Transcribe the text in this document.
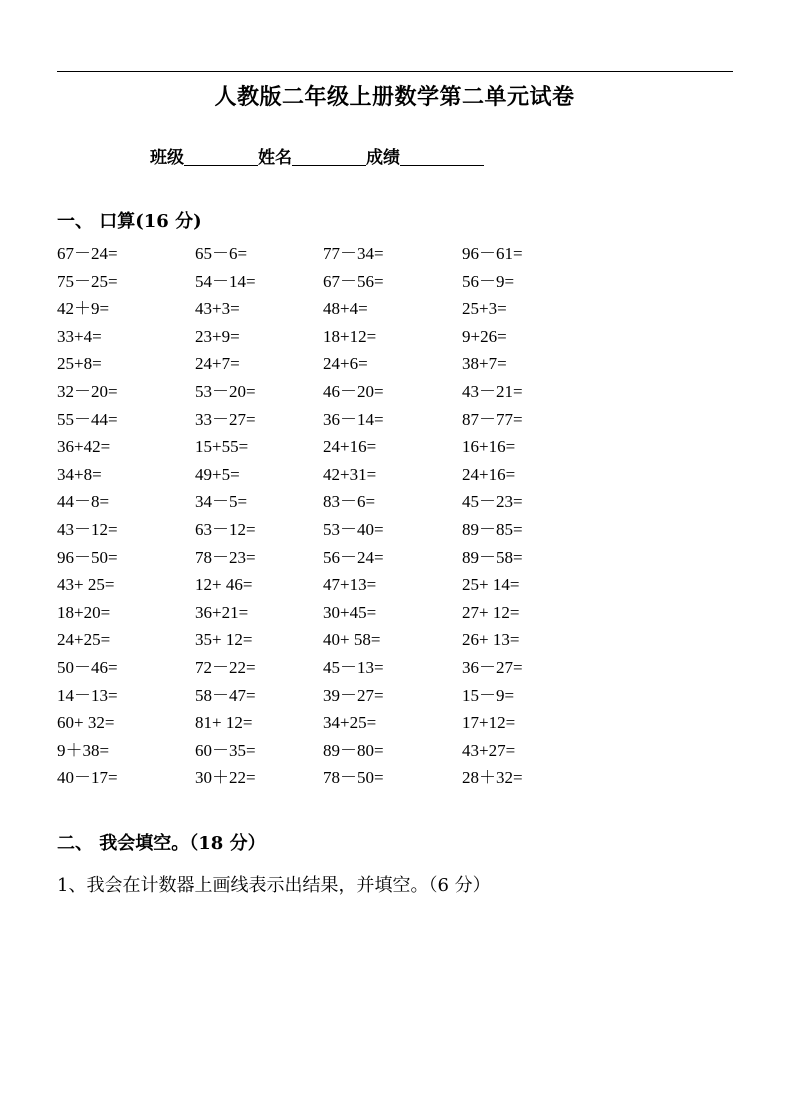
人教版二年级上册数学第二单元试卷
班级	姓名	成绩
一、 口算(16 分)
67－24=	65－6=	77－34=	96－61=
75－25=	54－14=	67－56=	56－9=
42＋9=	43+3=	48+4=	25+3=
33+4=	23+9=	18+12=	9+26=
25+8=	24+7=	24+6=	38+7=
32－20=	53－20=	46－20=	43－21=
55－44=	33－27=	36－14=	87－77=
36+42=	15+55=	24+16=	16+16=
34+8=	49+5=	42+31=	24+16=
44－8=	34－5=	83－6=	45－23=
43－12=	63－12=	53－40=	89－85=
96－50=	78－23=	56－24=	89－58=
43+ 25=	12+ 46=	47+13=	25+ 14=
18+20=	36+21=	30+45=	27+ 12=
24+25=	35+ 12=	40+ 58=	26+ 13=
50－46=	72－22=	45－13=	36－27=
14－13=	58－47=	39－27=	15－9=
60+ 32=	81+ 12=	34+25=	17+12=
9＋38=	60－35=	89－80=	43+27=
40－17=	30＋22=	78－50=	28＋32=
二、 我会填空。（18 分）
1、我会在计数器上画线表示出结果，并填空。（6 分）
